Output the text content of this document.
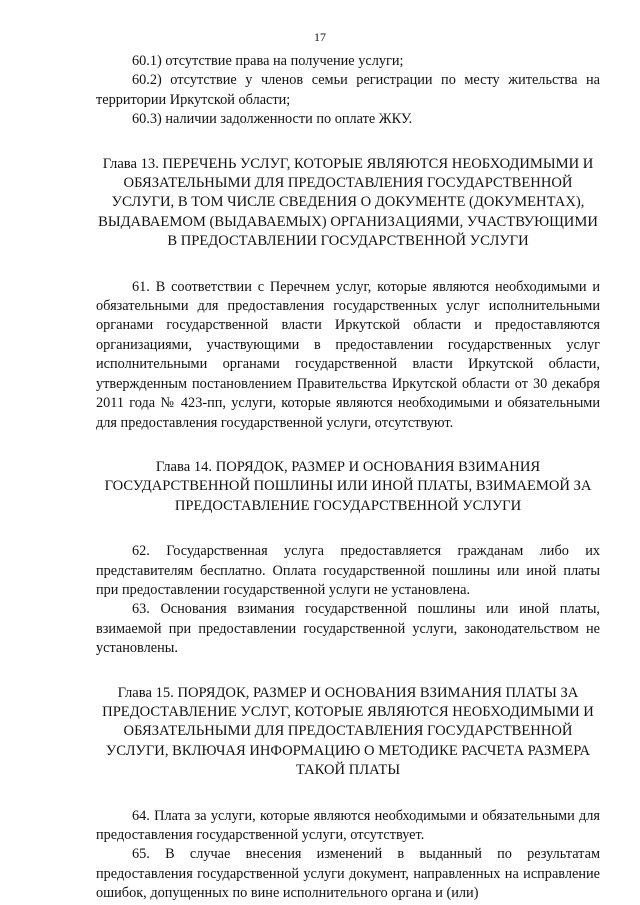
17

60.1) отсутствие права на получение услуги;

60.2) отсутствие у членов семьи регистрации по месту жительства на территории Иркутской области;

60.3) наличии задолженности по оплате ЖКУ.

Глава 13. ПЕРЕЧЕНЬ УСЛУГ, КОТОРЫЕ ЯВЛЯЮТСЯ НЕОБХОДИМЫМИ И ОБЯЗАТЕЛЬНЫМИ ДЛЯ ПРЕДОСТАВЛЕНИЯ ГОСУДАРСТВЕННОЙ УСЛУГИ, В ТОМ ЧИСЛЕ СВЕДЕНИЯ О ДОКУМЕНТЕ (ДОКУМЕНТАХ), ВЫДАВАЕМОМ (ВЫДАВАЕМЫХ) ОРГАНИЗАЦИЯМИ, УЧАСТВУЮЩИМИ В ПРЕДОСТАВЛЕНИИ ГОСУДАРСТВЕННОЙ УСЛУГИ

61. В соответствии с Перечнем услуг, которые являются необходимыми и обязательными для предоставления государственных услуг исполнительными органами государственной власти Иркутской области и предоставляются организациями, участвующими в предоставлении государственных услуг исполнительными органами государственной власти Иркутской области, утвержденным постановлением Правительства Иркутской области от 30 декабря 2011 года № 423-пп, услуги, которые являются необходимыми и обязательными для предоставления государственной услуги, отсутствуют.

Глава 14. ПОРЯДОК, РАЗМЕР И ОСНОВАНИЯ ВЗИМАНИЯ ГОСУДАРСТВЕННОЙ ПОШЛИНЫ ИЛИ ИНОЙ ПЛАТЫ, ВЗИМАЕМОЙ ЗА ПРЕДОСТАВЛЕНИЕ ГОСУДАРСТВЕННОЙ УСЛУГИ

62. Государственная услуга предоставляется гражданам либо их представителям бесплатно. Оплата государственной пошлины или иной платы при предоставлении государственной услуги не установлена.

63. Основания взимания государственной пошлины или иной платы, взимаемой при предоставлении государственной услуги, законодательством не установлены.

Глава 15. ПОРЯДОК, РАЗМЕР И ОСНОВАНИЯ ВЗИМАНИЯ ПЛАТЫ ЗА ПРЕДОСТАВЛЕНИЕ УСЛУГ, КОТОРЫЕ ЯВЛЯЮТСЯ НЕОБХОДИМЫМИ И ОБЯЗАТЕЛЬНЫМИ ДЛЯ ПРЕДОСТАВЛЕНИЯ ГОСУДАРСТВЕННОЙ УСЛУГИ, ВКЛЮЧАЯ ИНФОРМАЦИЮ О МЕТОДИКЕ РАСЧЕТА РАЗМЕРА ТАКОЙ ПЛАТЫ

64. Плата за услуги, которые являются необходимыми и обязательными для предоставления государственной услуги, отсутствует.

65. В случае внесения изменений в выданный по результатам предоставления государственной услуги документ, направленных на исправление ошибок, допущенных по вине исполнительного органа и (или)
